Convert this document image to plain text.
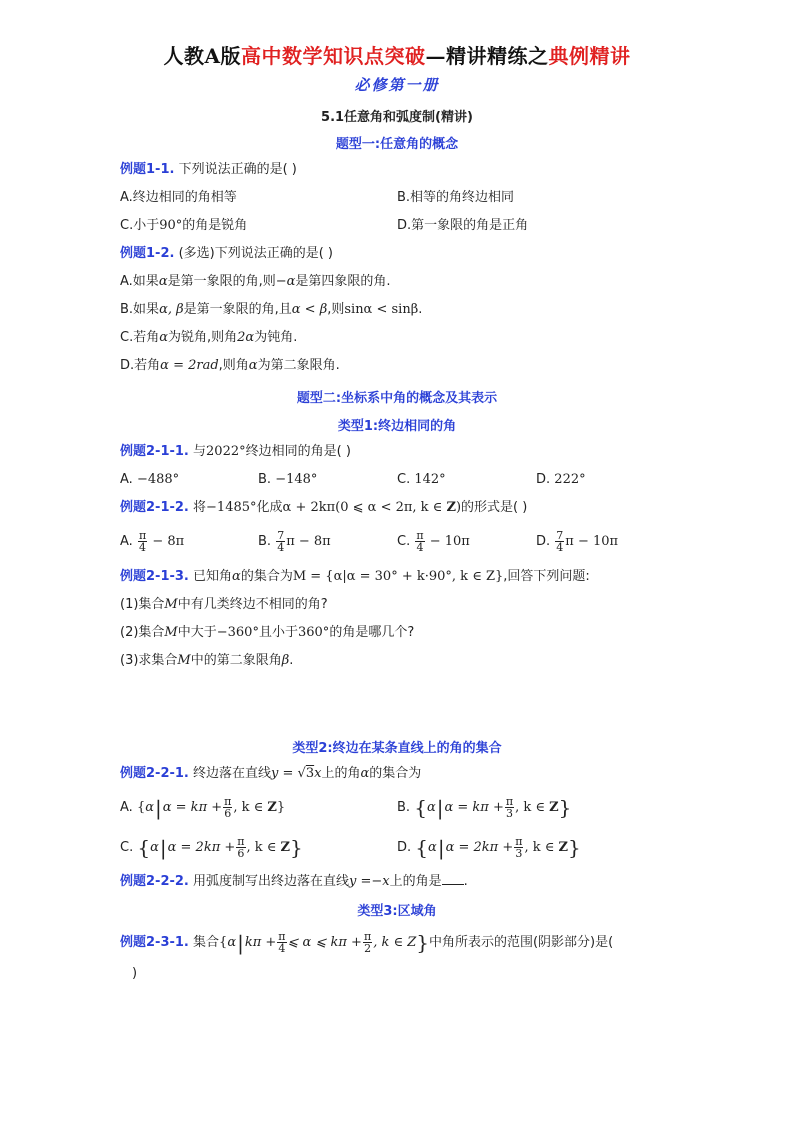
人教A版高中数学知识点突破—精讲精练之典例精讲
必修第一册
5.1任意角和弧度制(精讲)
题型一:任意角的概念
例题1-1. 下列说法正确的是( )
A.终边相同的角相等	B.相等的角终边相同
C.小于90°的角是锐角	D.第一象限的角是正角
例题1-2. (多选)下列说法正确的是( )
A.如果α是第一象限的角,则−α是第四象限的角.
B.如果α, β是第一象限的角,且α < β,则sinα < sinβ.
C.若角α为锐角,则角2α为钝角.
D.若角α = 2rad,则角α为第二象限角.
题型二:坐标系中角的概念及其表示
类型1:终边相同的角
例题2-1-1. 与2022°终边相同的角是( )
A. −488°	B. −148°	C. 142°	D. 222°
例题2-1-2. 将−1485°化成α + 2kπ(0 ⩽ α < 2π, k ∈ Z)的形式是( )
A. $\frac{\pi}{4} - 8\pi$	B. $\frac{7}{4}$ π − 8π	C. $\frac{\pi}{4} - 10\pi$	D. $\frac{7}{4}$ π − 10π
例题2-1-3. 已知角α的集合为M = {α|α = 30° + k·90°, k ∈ Z},回答下列问题:
(1)集合M中有几类终边不相同的角?
(2)集合M中大于−360°且小于360°的角是哪几个?
(3)求集合M中的第二象限角β.
类型2:终边在某条直线上的角的集合
例题2-2-1. 终边落在直线y = √3x上的角α的集合为
A. {$\alpha|\alpha = k\pi + \frac{\pi}{6}$ , k ∈ Z}	B. {$\alpha|\alpha = k\pi + \frac{\pi}{3}$ , k ∈ Z}
C. {$\alpha|\alpha = 2k\pi + \frac{\pi}{6}$ , k ∈ Z}	D. {$\alpha|\alpha = 2k\pi + \frac{\pi}{3}$ , k ∈ Z}
例题2-2-2. 用弧度制写出终边落在直线y =−x上的角是 .
类型3:区域角
例题2-3-1. 集合{$\alpha|k\pi + \frac{\pi}{4}$ ⩽ α ⩽ $k\pi + \frac{\pi}{2}$ , k ∈ Z}中角所表示的范围(阴影部分)是(
)
